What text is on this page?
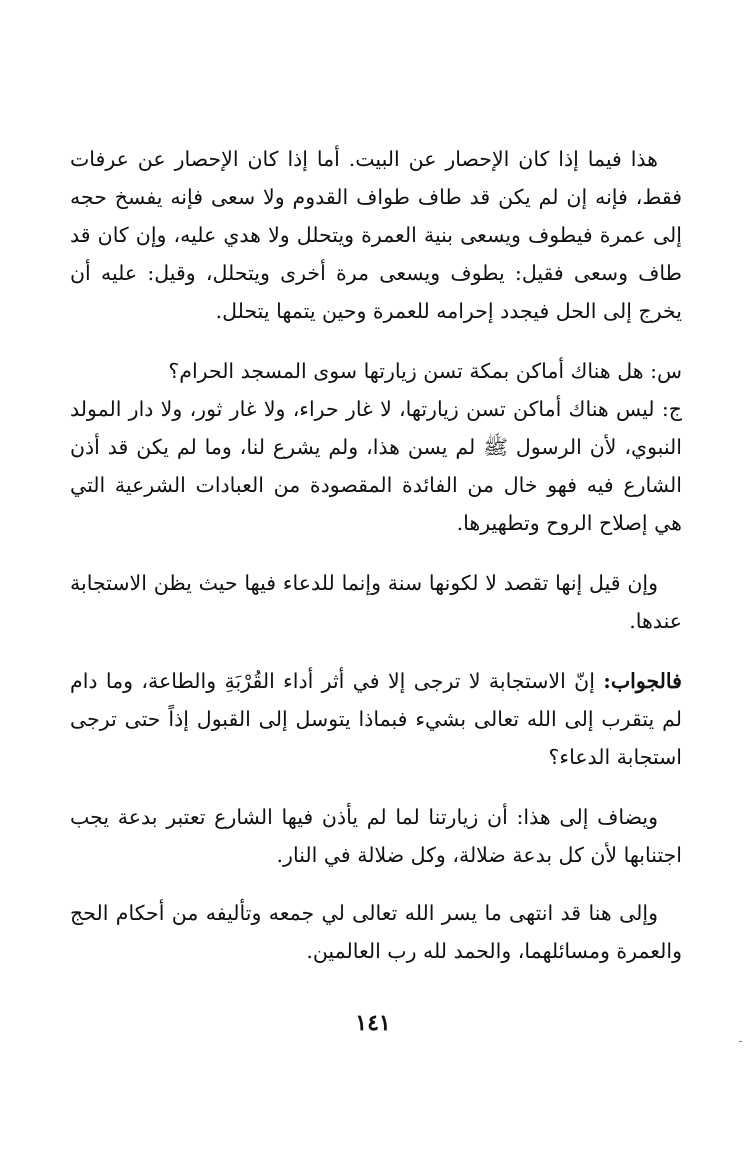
هذا فيما إذا كان الإحصار عن البيت. أما إذا كان الإحصار عن عرفات فقط، فإنه إن لم يكن قد طاف طواف القدوم ولا سعى فإنه يفسخ حجه إلى عمرة فيطوف ويسعى بنية العمرة ويتحلل ولا هدي عليه، وإن كان قد طاف وسعى فقيل: يطوف ويسعى مرة أخرى ويتحلل، وقيل: عليه أن يخرج إلى الحل فيجدد إحرامه للعمرة وحين يتمها يتحلل.

س: هل هناك أماكن بمكة تسن زيارتها سوى المسجد الحرام؟

ج: ليس هناك أماكن تسن زيارتها، لا غار حراء، ولا غار ثور، ولا دار المولد النبوي، لأن الرسول ﷺ لم يسن هذا، ولم يشرع لنا، وما لم يكن قد أذن الشارع فيه فهو خال من الفائدة المقصودة من العبادات الشرعية التي هي إصلاح الروح وتطهيرها.

وإن قيل إنها تقصد لا لكونها سنة وإنما للدعاء فيها حيث يظن الاستجابة عندها.

فالجواب: إنّ الاستجابة لا ترجى إلا في أثر أداء القُرْبَةِ والطاعة، وما دام لم يتقرب إلى الله تعالى بشيء فبماذا يتوسل إلى القبول إذاً حتى ترجى استجابة الدعاء؟

ويضاف إلى هذا: أن زيارتنا لما لم يأذن فيها الشارع تعتبر بدعة يجب اجتنابها لأن كل بدعة ضلالة، وكل ضلالة في النار.

وإلى هنا قد انتهى ما يسر الله تعالى لي جمعه وتأليفه من أحكام الحج والعمرة ومسائلهما، والحمد لله رب العالمين.

١٤١
